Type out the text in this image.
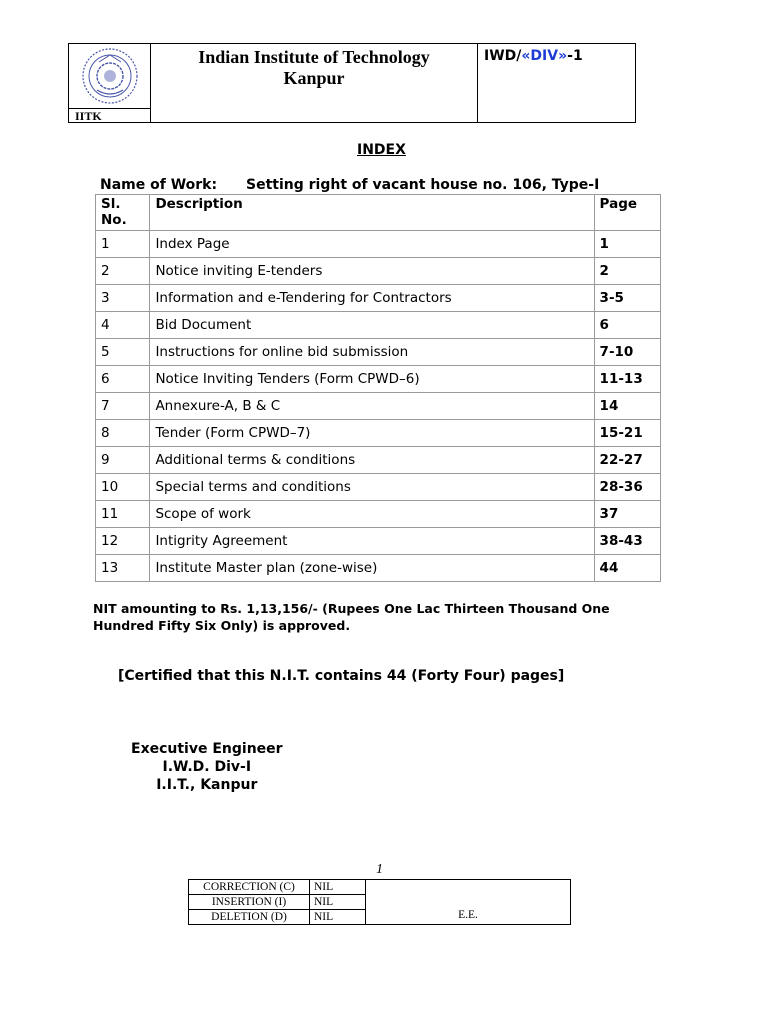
IITK
Indian Institute of Technology
Kanpur
IWD/«DIV»-1
INDEX
Name of Work: Setting right of vacant house no. 106, Type-I
Sl. No.	Description	Page
1	Index Page	1
2	Notice inviting E-tenders	2
3	Information and e-Tendering for Contractors	3-5
4	Bid Document	6
5	Instructions for online bid submission	7-10
6	Notice Inviting Tenders (Form CPWD–6)	11-13
7	Annexure-A, B & C	14
8	Tender (Form CPWD–7)	15-21
9	Additional terms & conditions	22-27
10	Special terms and conditions	28-36
11	Scope of work	37
12	Intigrity Agreement	38-43
13	Institute Master plan (zone-wise)	44
NIT amounting to Rs. 1,13,156/- (Rupees One Lac Thirteen Thousand One Hundred Fifty Six Only) is approved.
[Certified that this N.I.T. contains 44 (Forty Four) pages]
Executive Engineer
I.W.D. Div-I
I.I.T., Kanpur
1
CORRECTION (C)	NIL	E.E.
INSERTION (I)	NIL	
DELETION (D)	NIL	
